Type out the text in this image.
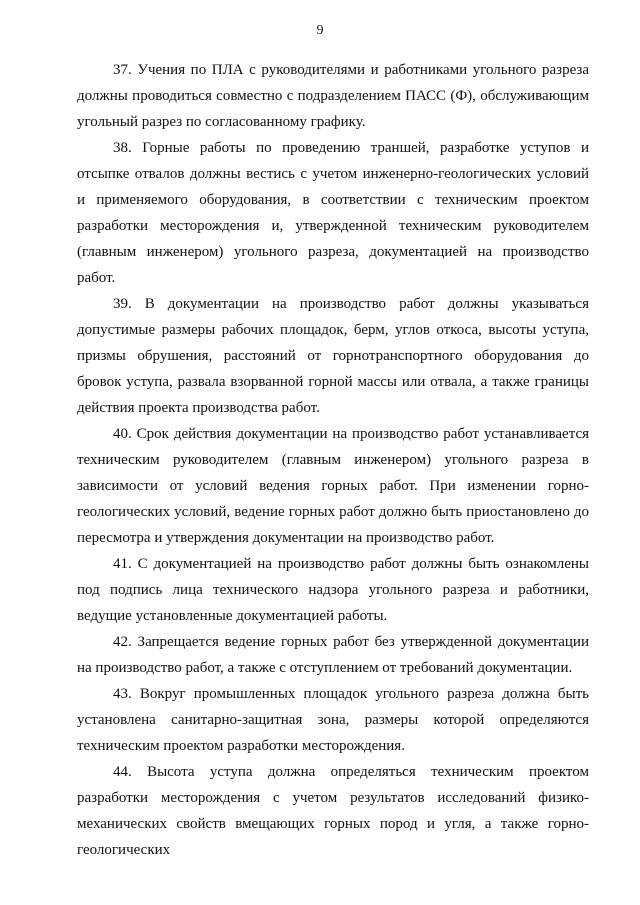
9

37. Учения по ПЛА с руководителями и работниками угольного разреза должны проводиться совместно с подразделением ПАСС (Ф), обслуживающим угольный разрез по согласованному графику.

38. Горные работы по проведению траншей, разработке уступов и отсыпке отвалов должны вестись с учетом инженерно-геологических условий и применяемого оборудования, в соответствии с техническим проектом разработки месторождения и, утвержденной техническим руководителем (главным инженером) угольного разреза, документацией на производство работ.

39. В документации на производство работ должны указываться допустимые размеры рабочих площадок, берм, углов откоса, высоты уступа, призмы обрушения, расстояний от горнотранспортного оборудования до бровок уступа, развала взорванной горной массы или отвала, а также границы действия проекта производства работ.

40. Срок действия документации на производство работ устанавливается техническим руководителем (главным инженером) угольного разреза в зависимости от условий ведения горных работ. При изменении горно-геологических условий, ведение горных работ должно быть приостановлено до пересмотра и утверждения документации на производство работ.

41. С документацией на производство работ должны быть ознакомлены под подпись лица технического надзора угольного разреза и работники, ведущие установленные документацией работы.

42. Запрещается ведение горных работ без утвержденной документации на производство работ, а также с отступлением от требований документации.

43. Вокруг промышленных площадок угольного разреза должна быть установлена санитарно-защитная зона, размеры которой определяются техническим проектом разработки месторождения.

44. Высота уступа должна определяться техническим проектом разработки месторождения с учетом результатов исследований физико-механических свойств вмещающих горных пород и угля, а также горно-геологических
